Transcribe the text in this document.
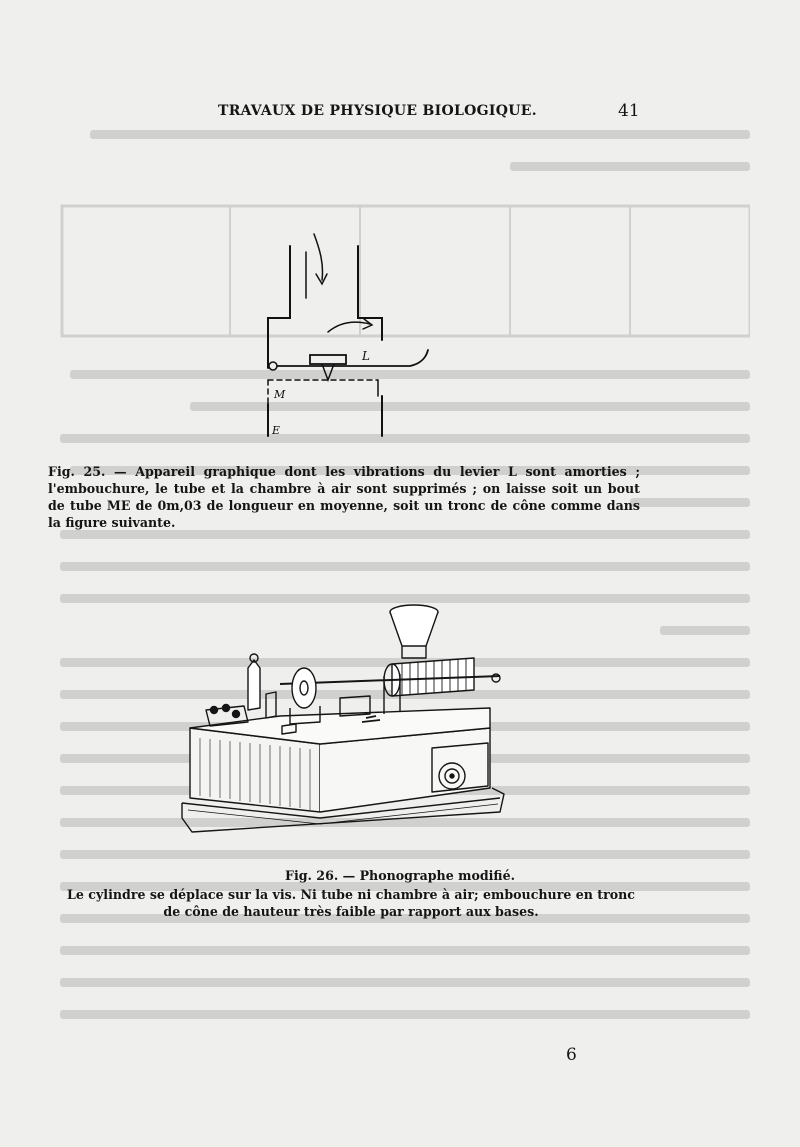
TRAVAUX DE PHYSIQUE BIOLOGIQUE.	41
L
M
E
Fig. 25. — Appareil graphique dont les vibrations du levier L sont amorties ; l'embouchure, le tube et la chambre à air sont supprimés ; on laisse soit un bout de tube ME de 0m,03 de longueur en moyenne, soit un tronc de cône comme dans la figure suivante.
Fig. 26. — Phonographe modifié.
Le cylindre se déplace sur la vis. Ni tube ni chambre à air; embouchure en tronc de cône de hauteur très faible par rapport aux bases.
6
